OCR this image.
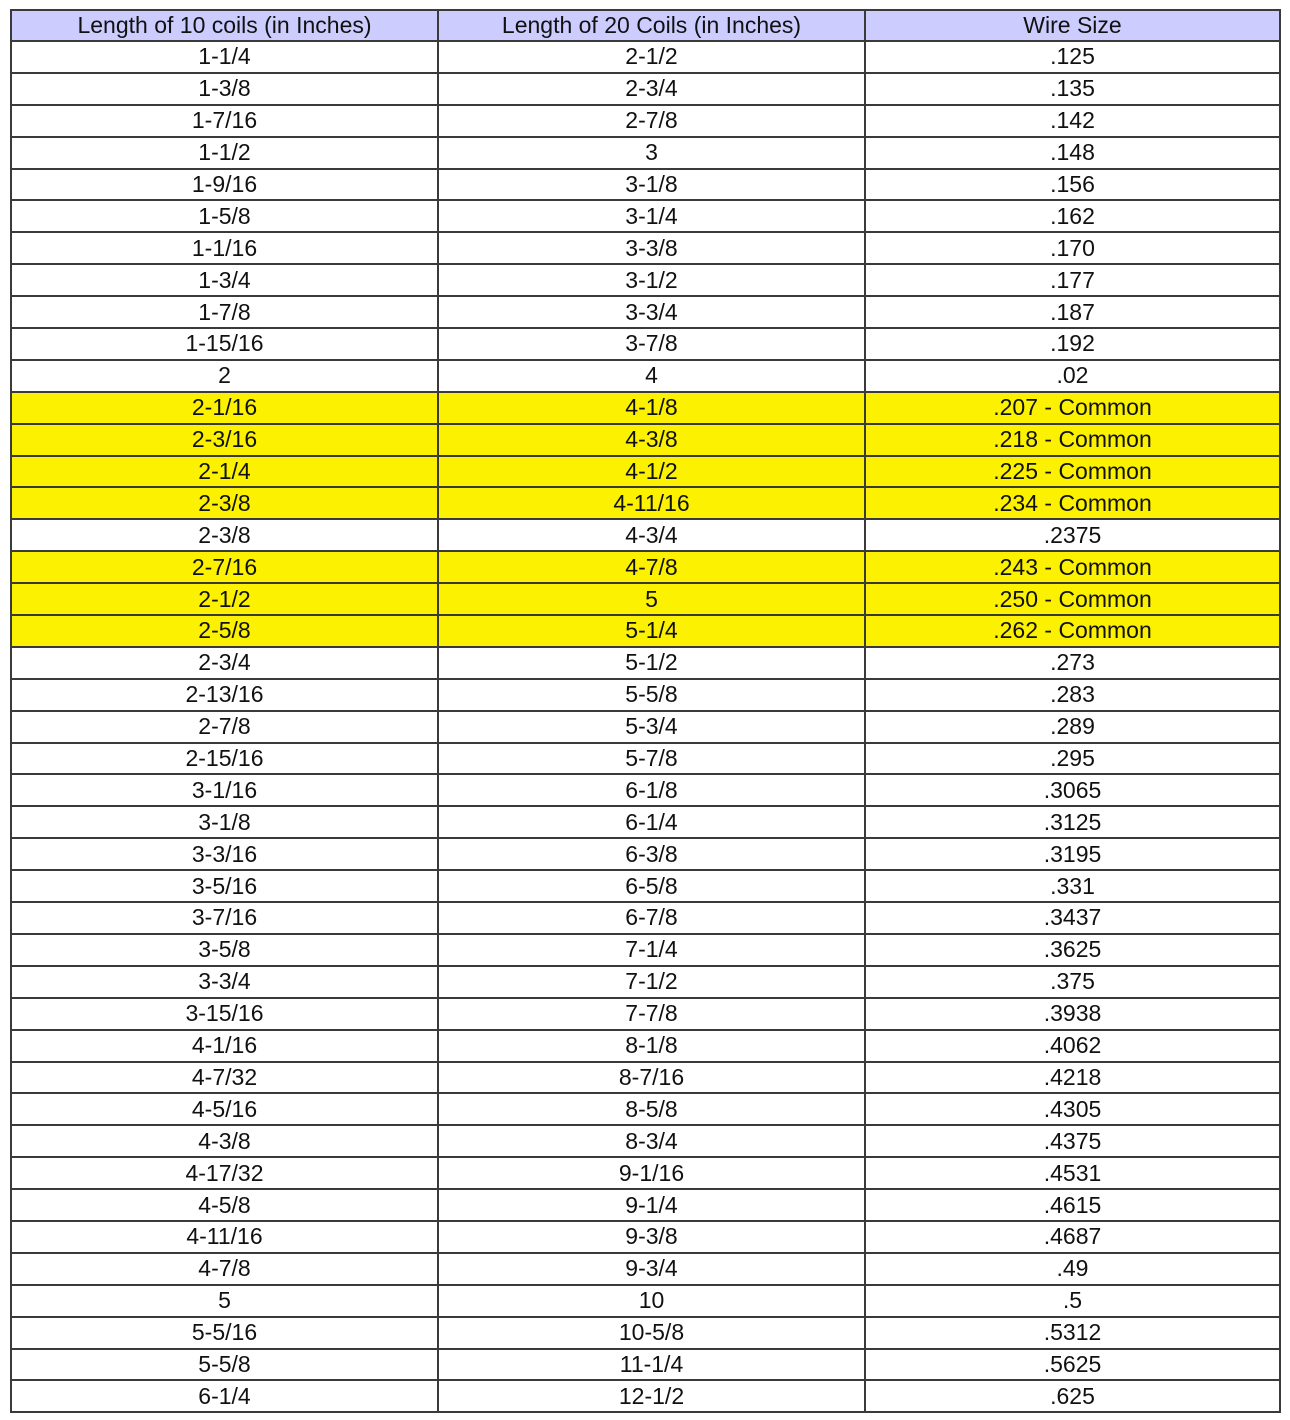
Length of 10 coils (in Inches)	Length of 20 Coils (in Inches)	Wire Size
1-1/4	2-1/2	.125
1-3/8	2-3/4	.135
1-7/16	2-7/8	.142
1-1/2	3	.148
1-9/16	3-1/8	.156
1-5/8	3-1/4	.162
1-1/16	3-3/8	.170
1-3/4	3-1/2	.177
1-7/8	3-3/4	.187
1-15/16	3-7/8	.192
2	4	.02
2-1/16	4-1/8	.207 - Common
2-3/16	4-3/8	.218 - Common
2-1/4	4-1/2	.225 - Common
2-3/8	4-11/16	.234 - Common
2-3/8	4-3/4	.2375
2-7/16	4-7/8	.243 - Common
2-1/2	5	.250 - Common
2-5/8	5-1/4	.262 - Common
2-3/4	5-1/2	.273
2-13/16	5-5/8	.283
2-7/8	5-3/4	.289
2-15/16	5-7/8	.295
3-1/16	6-1/8	.3065
3-1/8	6-1/4	.3125
3-3/16	6-3/8	.3195
3-5/16	6-5/8	.331
3-7/16	6-7/8	.3437
3-5/8	7-1/4	.3625
3-3/4	7-1/2	.375
3-15/16	7-7/8	.3938
4-1/16	8-1/8	.4062
4-7/32	8-7/16	.4218
4-5/16	8-5/8	.4305
4-3/8	8-3/4	.4375
4-17/32	9-1/16	.4531
4-5/8	9-1/4	.4615
4-11/16	9-3/8	.4687
4-7/8	9-3/4	.49
5	10	.5
5-5/16	10-5/8	.5312
5-5/8	11-1/4	.5625
6-1/4	12-1/2	.625
